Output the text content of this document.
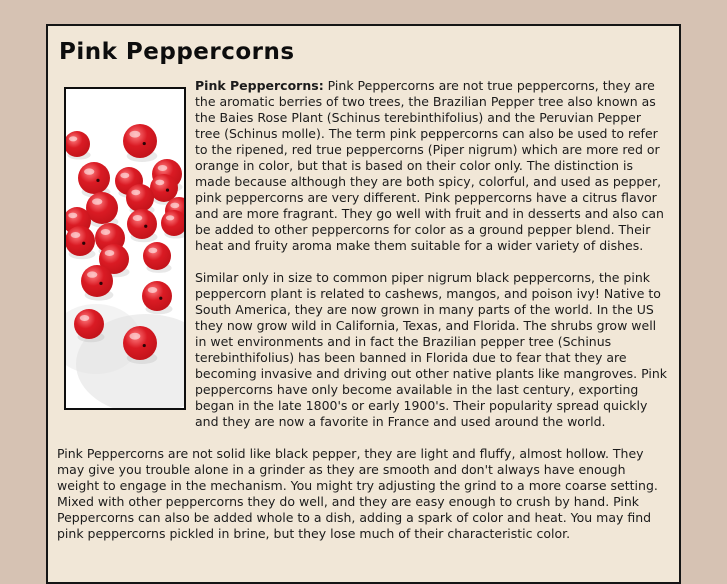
Pink Peppercorns

Pink Peppercorns: Pink Peppercorns are not true peppercorns, they are the aromatic berries of two trees, the Brazilian Pepper tree also known as the Baies Rose Plant (Schinus terebinthifolius) and the Peruvian Pepper tree (Schinus molle). The term pink peppercorns can also be used to refer to the ripened, red true peppercorns (Piper nigrum) which are more red or orange in color, but that is based on their color only. The distinction is made because although they are both spicy, colorful, and used as pepper, pink peppercorns are very different. Pink peppercorns have a citrus flavor and are more fragrant. They go well with fruit and in desserts and also can be added to other peppercorns for color as a ground pepper blend. Their heat and fruity aroma make them suitable for a wider variety of dishes.

Similar only in size to common piper nigrum black peppercorns, the pink peppercorn plant is related to cashews, mangos, and poison ivy! Native to South America, they are now grown in many parts of the world. In the US they now grow wild in California, Texas, and Florida. The shrubs grow well in wet environments and in fact the Brazilian pepper tree (Schinus terebinthifolius) has been banned in Florida due to fear that they are becoming invasive and driving out other native plants like mangroves. Pink peppercorns have only become available in the last century, exporting began in the late 1800's or early 1900's. Their popularity spread quickly and they are now a favorite in France and used around the world.

Pink Peppercorns are not solid like black pepper, they are light and fluffy, almost hollow. They may give you trouble alone in a grinder as they are smooth and don't always have enough weight to engage in the mechanism. You might try adjusting the grind to a more coarse setting. Mixed with other peppercorns they do well, and they are easy enough to crush by hand. Pink Peppercorns can also be added whole to a dish, adding a spark of color and heat. You may find pink peppercorns pickled in brine, but they lose much of their characteristic color.
